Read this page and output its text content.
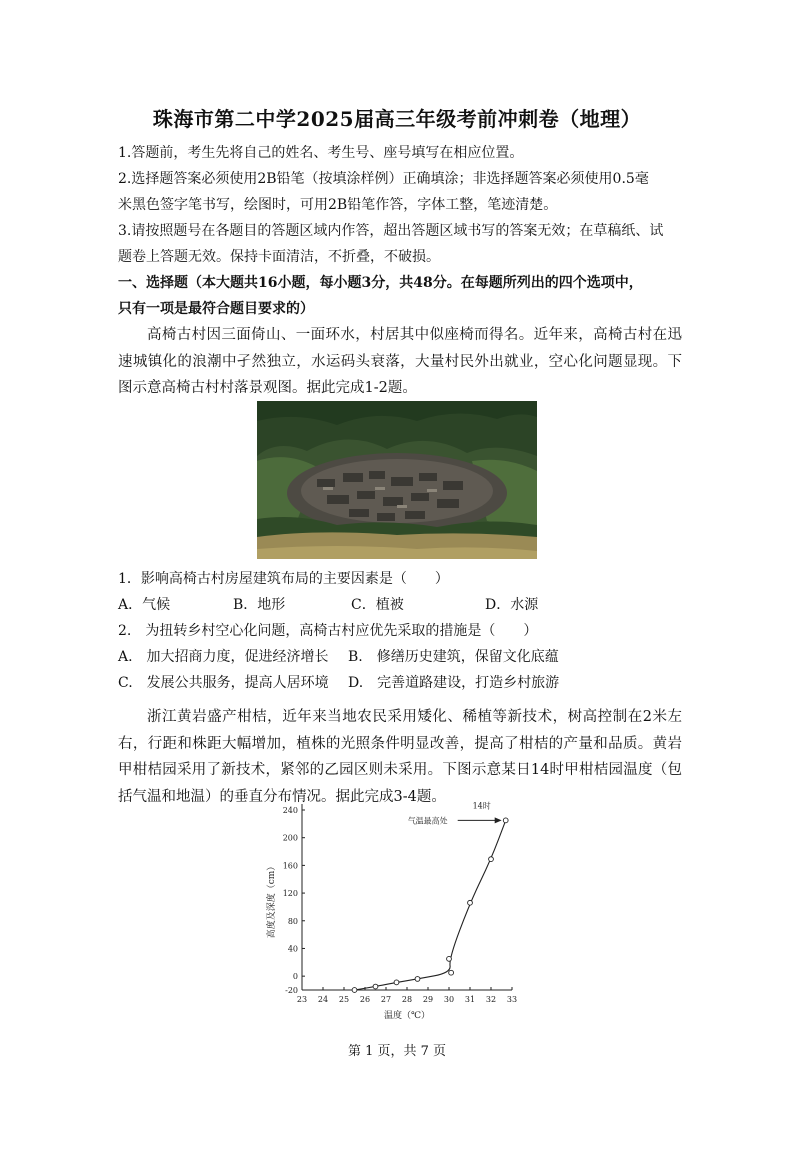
珠海市第二中学2025届高三年级考前冲刺卷（地理）
1.答题前，考生先将自己的姓名、考生号、座号填写在相应位置。
2.选择题答案必须使用2B铅笔（按填涂样例）正确填涂；非选择题答案必须使用0.5毫
米黑色签字笔书写，绘图时，可用2B铅笔作答，字体工整，笔迹清楚。
3.请按照题号在各题目的答题区域内作答，超出答题区域书写的答案无效；在草稿纸、试
题卷上答题无效。保持卡面清洁，不折叠，不破损。
一、选择题（本大题共16小题，每小题3分，共48分。在每题所列出的四个选项中，
只有一项是最符合题目要求的）
高椅古村因三面倚山、一面环水，村居其中似座椅而得名。近年来，高椅古村在迅速城镇化的浪潮中孑然独立，水运码头衰落，大量村民外出就业，空心化问题显现。下图示意高椅古村村落景观图。据此完成1-2题。
1．影响高椅古村房屋建筑布局的主要因素是（　　）
A．气候	B．地形	C．植被	D．水源
2.　为扭转乡村空心化问题，高椅古村应优先采取的措施是（　　）
A.　加大招商力度，促进经济增长 B.　修缮历史建筑，保留文化底蕴
C.　发展公共服务，提高人居环境 D.　完善道路建设，打造乡村旅游
浙江黄岩盛产柑桔，近年来当地农民采用矮化、稀植等新技术，树高控制在2米左右，行距和株距大幅增加，植株的光照条件明显改善，提高了柑桔的产量和品质。黄岩甲柑桔园采用了新技术，紧邻的乙园区则未采用。下图示意某日14时甲柑桔园温度（包括气温和地温）的垂直分布情况。据此完成3-4题。
23 24 25 26 27 28 29 30 31 32 33
-20
0
40
80
120
160
200
240
温度（℃）
高度及深度（cm）
14时
气温最高处
第 1 页，共 7 页
